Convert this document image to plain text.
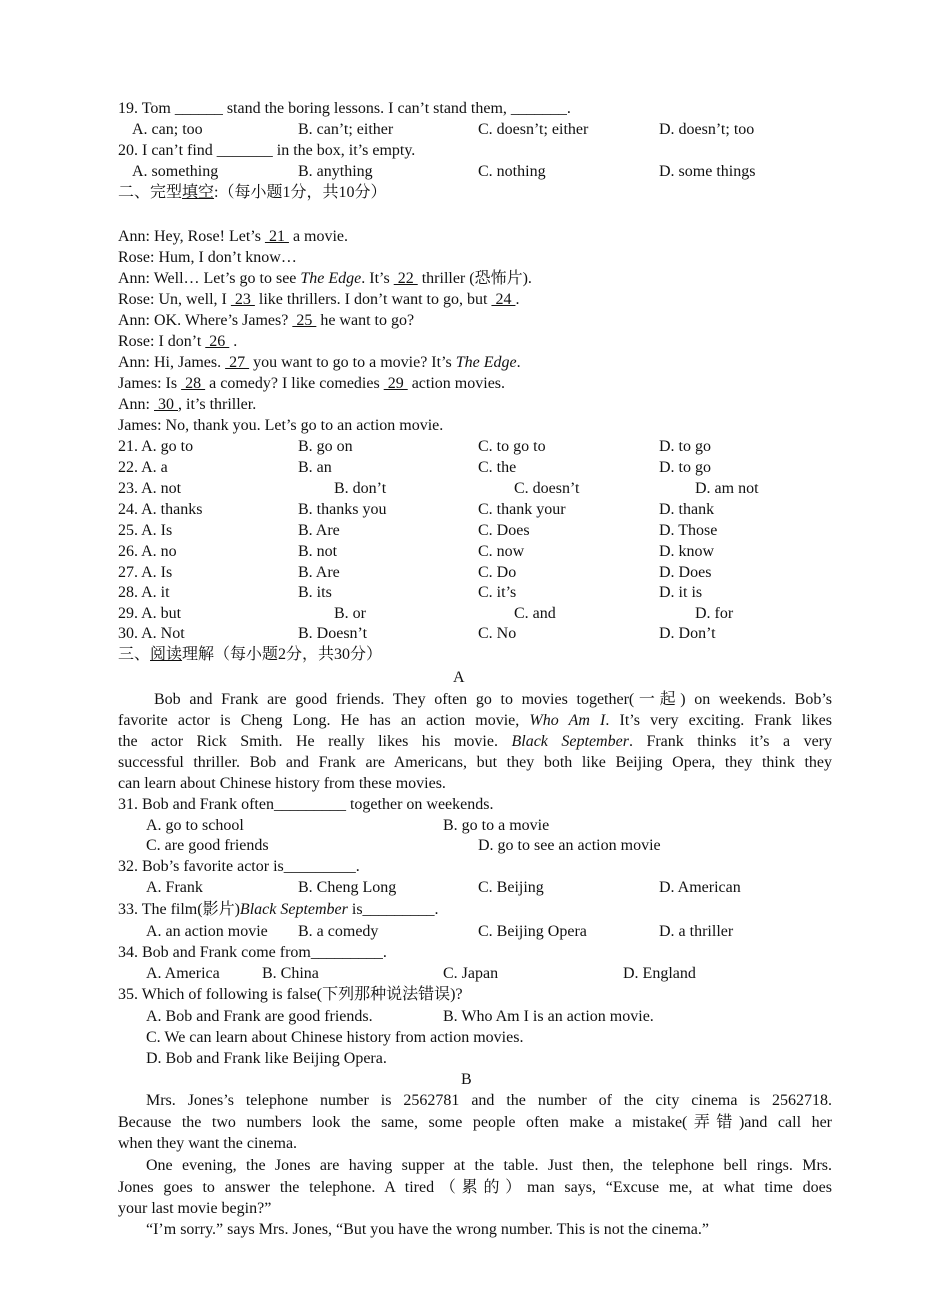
19. Tom ______ stand the boring lessons. I can’t stand them, _______.
A. can; too	B. can’t; either	C. doesn’t; either	D. doesn’t; too
20. I can’t find _______ in the box, it’s empty.
A. something	B. anything	C. nothing	D. some things
二、完型填空:（每小题1分，共10分）
Ann: Hey, Rose! Let’s  21  a movie.
Rose: Hum, I don’t know…
Ann: Well… Let’s go to see The Edge. It’s  22  thriller (恐怖片).
Rose: Un, well, I  23  like thrillers. I don’t want to go, but  24 .
Ann: OK. Where’s James?  25  he want to go?
Rose: I don’t  26  .
Ann: Hi, James.  27  you want to go to a movie? It’s The Edge.
James: Is  28  a comedy? I like comedies  29  action movies.
Ann:  30 , it’s thriller.
James: No, thank you. Let’s go to an action movie.
21. A. go to	B. go on	C. to go to	D. to go
22. A. a	B. an	C. the	D. to go
23. A. not	B. don’t	C. doesn’t	D. am not
24. A. thanks	B. thanks you	C. thank your	D. thank
25. A. Is	B. Are	C. Does	D. Those
26. A. no	B. not	C. now	D. know
27. A. Is	B. Are	C. Do	D. Does
28. A. it	B. its	C. it’s	D. it is
29. A. but	B. or	C. and	D. for
30. A. Not	B. Doesn’t	C. No	D. Don’t
三、阅读理解（每小题2分，共30分）
A
Bob and Frank are good friends. They often go to movies together(一起) on weekends. Bob’s
favorite actor is Cheng Long. He has an action movie, Who Am I. It’s very exciting. Frank likes
the actor Rick Smith. He really likes his movie. Black September. Frank thinks it’s a very
successful thriller. Bob and Frank are Americans, but they both like Beijing Opera, they think they
can learn about Chinese history from these movies.
31. Bob and Frank often_________ together on weekends.
A. go to school	B. go to a movie
C. are good friends	D. go to see an action movie
32. Bob’s favorite actor is_________.
A. Frank	B. Cheng Long	C. Beijing	D. American
33. The film(影片)Black September is_________.
A. an action movie B. a comedy	C. Beijing Opera	D. a thriller
34. Bob and Frank come from_________.
A. America	B. China	C. Japan	D. England
35. Which of following is false(下列那种说法错误)?
A. Bob and Frank are good friends.	B. Who Am I is an action movie.
C. We can learn about Chinese history from action movies.
D. Bob and Frank like Beijing Opera.
B
Mrs. Jones’s telephone number is 2562781 and the number of the city cinema is 2562718.
Because the two numbers look the same, some people often make a mistake(弄错)and call her
when they want the cinema.
One evening, the Jones are having supper at the table. Just then, the telephone bell rings. Mrs.
Jones goes to answer the telephone. A tired（累的）man says, “Excuse me, at what time does
your last movie begin?”
“I’m sorry.” says Mrs. Jones, “But you have the wrong number. This is not the cinema.”
